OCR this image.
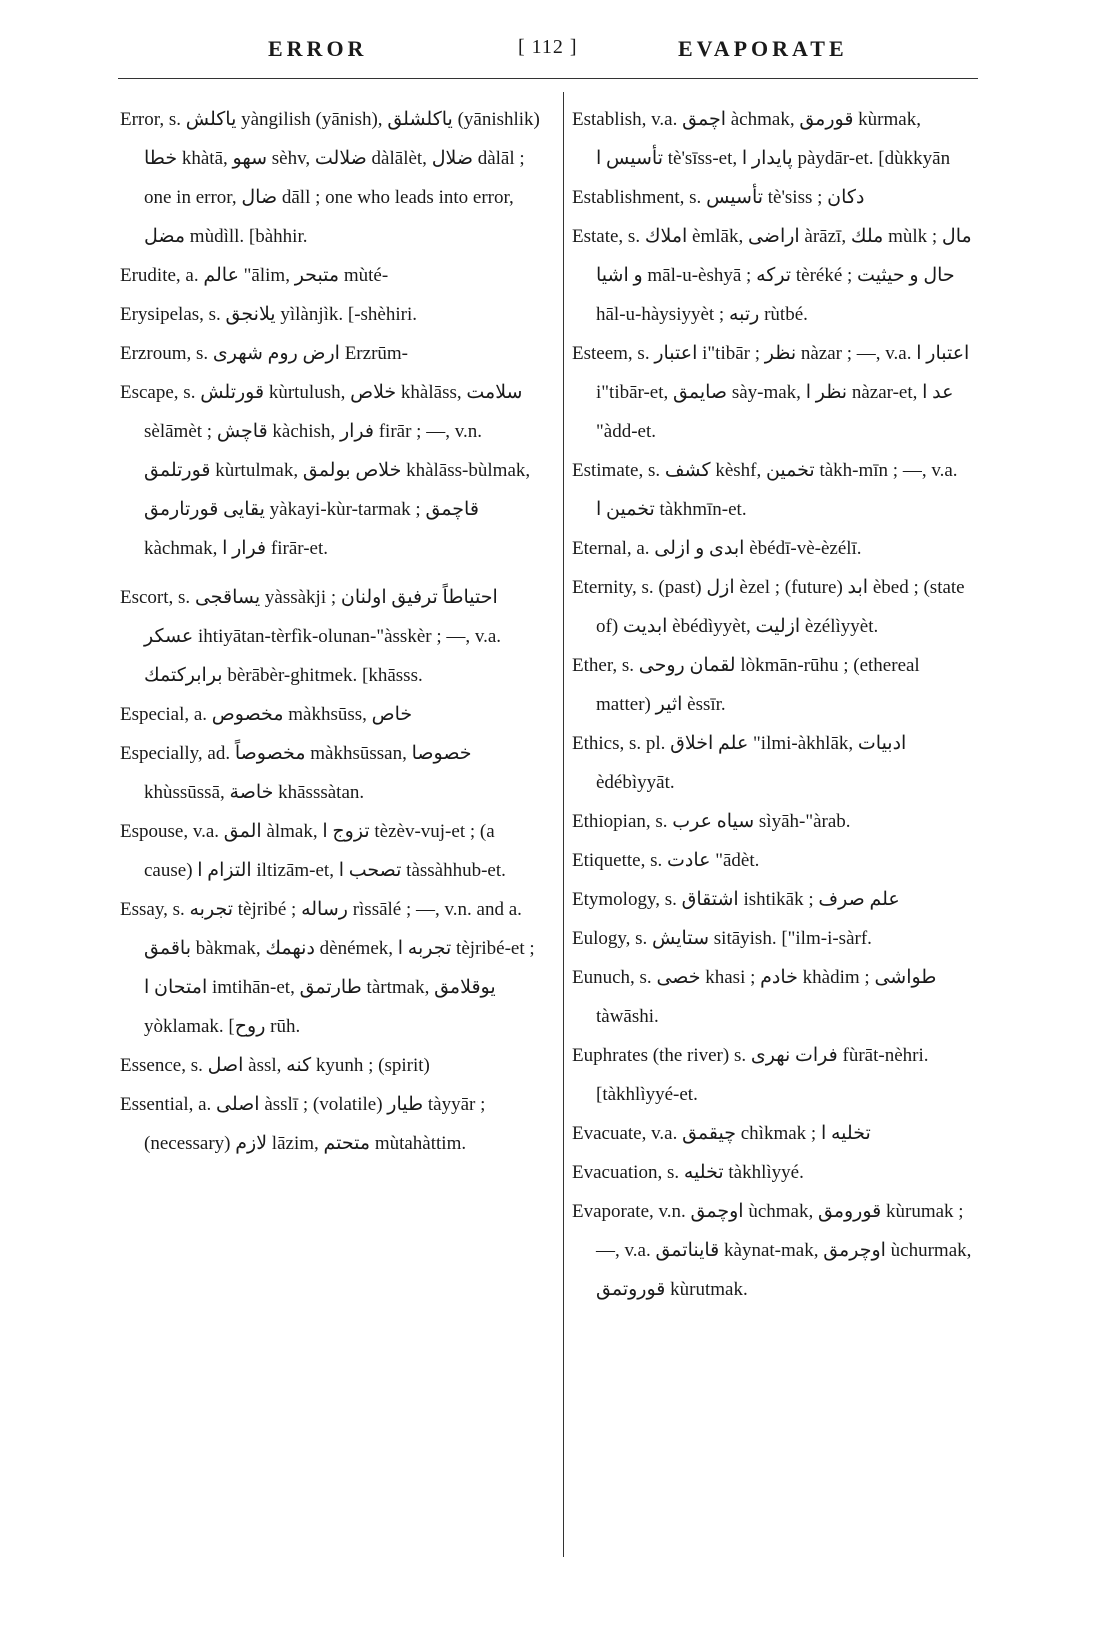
ERROR	[ 112 ]	EVAPORATE

Error, s. یاکلش yàngilish (yānish), یاکلشلق (yānishlik) خطا khàtā, سهو sèhv, ضلالت dàlālèt, ضلال dàlāl ; one in error, ضال dāll ; one who leads into error, مضل mùdìll. [bàhhir.

Erudite, a. عالم "ālim, متبحر mùté-

Erysipelas, s. یلانجق yìlànjìk. [-shèhiri.

Erzroum, s. ارض روم شهری Erzrūm-

Escape, s. قورتلش kùrtulush, خلاص khàlāss, سلامت sèlāmèt ; قاچش kàchish, فرار firār ; —, v.n. قورتلمق kùrtulmak, خلاص بولمق khàlāss-bùlmak, یقایی قورتارمق yàkayi-kùr-tarmak ; قاچمق kàchmak, فرار ا firār-et.

Escort, s. یساقجی yàssàkji ; احتیاطاً ترفیق اولنان عسکر ihtiyātan-tèrfìk-olunan-"àsskèr ; —, v.a. برابرکتمك bèrābèr-ghitmek. [khāsss.

Especial, a. مخصوص màkhsūss, خاص

Especially, ad. مخصوصاً màkhsūssan, خصوصا khùssūssā, خاصة khāsssàtan.

Espouse, v.a. المق àlmak, تزوج ا tèzèv-vuj-et ; (a cause) التزام ا iltizām-et, تصحب ا tàssàhhub-et.

Essay, s. تجربه tèjribé ; رساله rìssālé ; —, v.n. and a. باقمق bàkmak, دنهمك dènémek, تجربه ا tèjribé-et ; امتحان ا imtihān-et, طارتمق tàrtmak, یوقلامق yòklamak. [روح rūh.

Essence, s. اصل àssl, كنه kyunh ; (spirit)

Essential, a. اصلی àsslī ; (volatile) طیار tàyyār ; (necessary) لازم lāzim, متحتم mùtahàttim.

Establish, v.a. اچمق àchmak, قورمق kùrmak, تأسیس ا tè'sīss-et, پایدار ا pàydār-et. [dùkkyān

Establishment, s. تأسیس tè'siss ; دکان

Estate, s. املاك èmlāk, اراضی àrāzī, ملك mùlk ; مال و اشیا māl-u-èshyā ; ترکه tèréké ; حال و حیثیت hāl-u-hàysiyyèt ; رتبه rùtbé.

Esteem, s. اعتبار i"tibār ; نظر nàzar ; —, v.a. اعتبار ا i"tibār-et, صایمق sày-mak, نظر ا nàzar-et, عد ا "àdd-et.

Estimate, s. كشف kèshf, تخمین tàkh-mīn ; —, v.a. تخمین ا tàkhmīn-et.

Eternal, a. ابدی و ازلی èbédī-vè-èzélī.

Eternity, s. (past) ازل èzel ; (future) ابد èbed ; (state of) ابدیت èbédìyyèt, ازلیت èzélìyyèt.

Ether, s. لقمان روحی lòkmān-rūhu ; (ethereal matter) اثیر èssīr.

Ethics, s. pl. علم اخلاق "ilmi-àkhlāk, ادبیات èdébìyyāt.

Ethiopian, s. سیاه عرب sìyāh-"àrab.

Etiquette, s. عادت "ādèt.

Etymology, s. اشتقاق ishtikāk ; علم صرف

Eulogy, s. ستایش sitāyish. ["ilm-i-sàrf.

Eunuch, s. خصی khasi ; خادم khàdim ; طواشی tàwāshi.

Euphrates (the river) s. فرات نهری fùrāt-nèhri. [tàkhlìyyé-et.

Evacuate, v.a. چیقمق chìkmak ; تخلیه ا

Evacuation, s. تخلیه tàkhlìyyé.

Evaporate, v.n. اوچمق ùchmak, قورومق kùrumak ; —, v.a. قایناتمق kàynat-mak, اوچرمق ùchurmak, قوروتمق kùrutmak.
